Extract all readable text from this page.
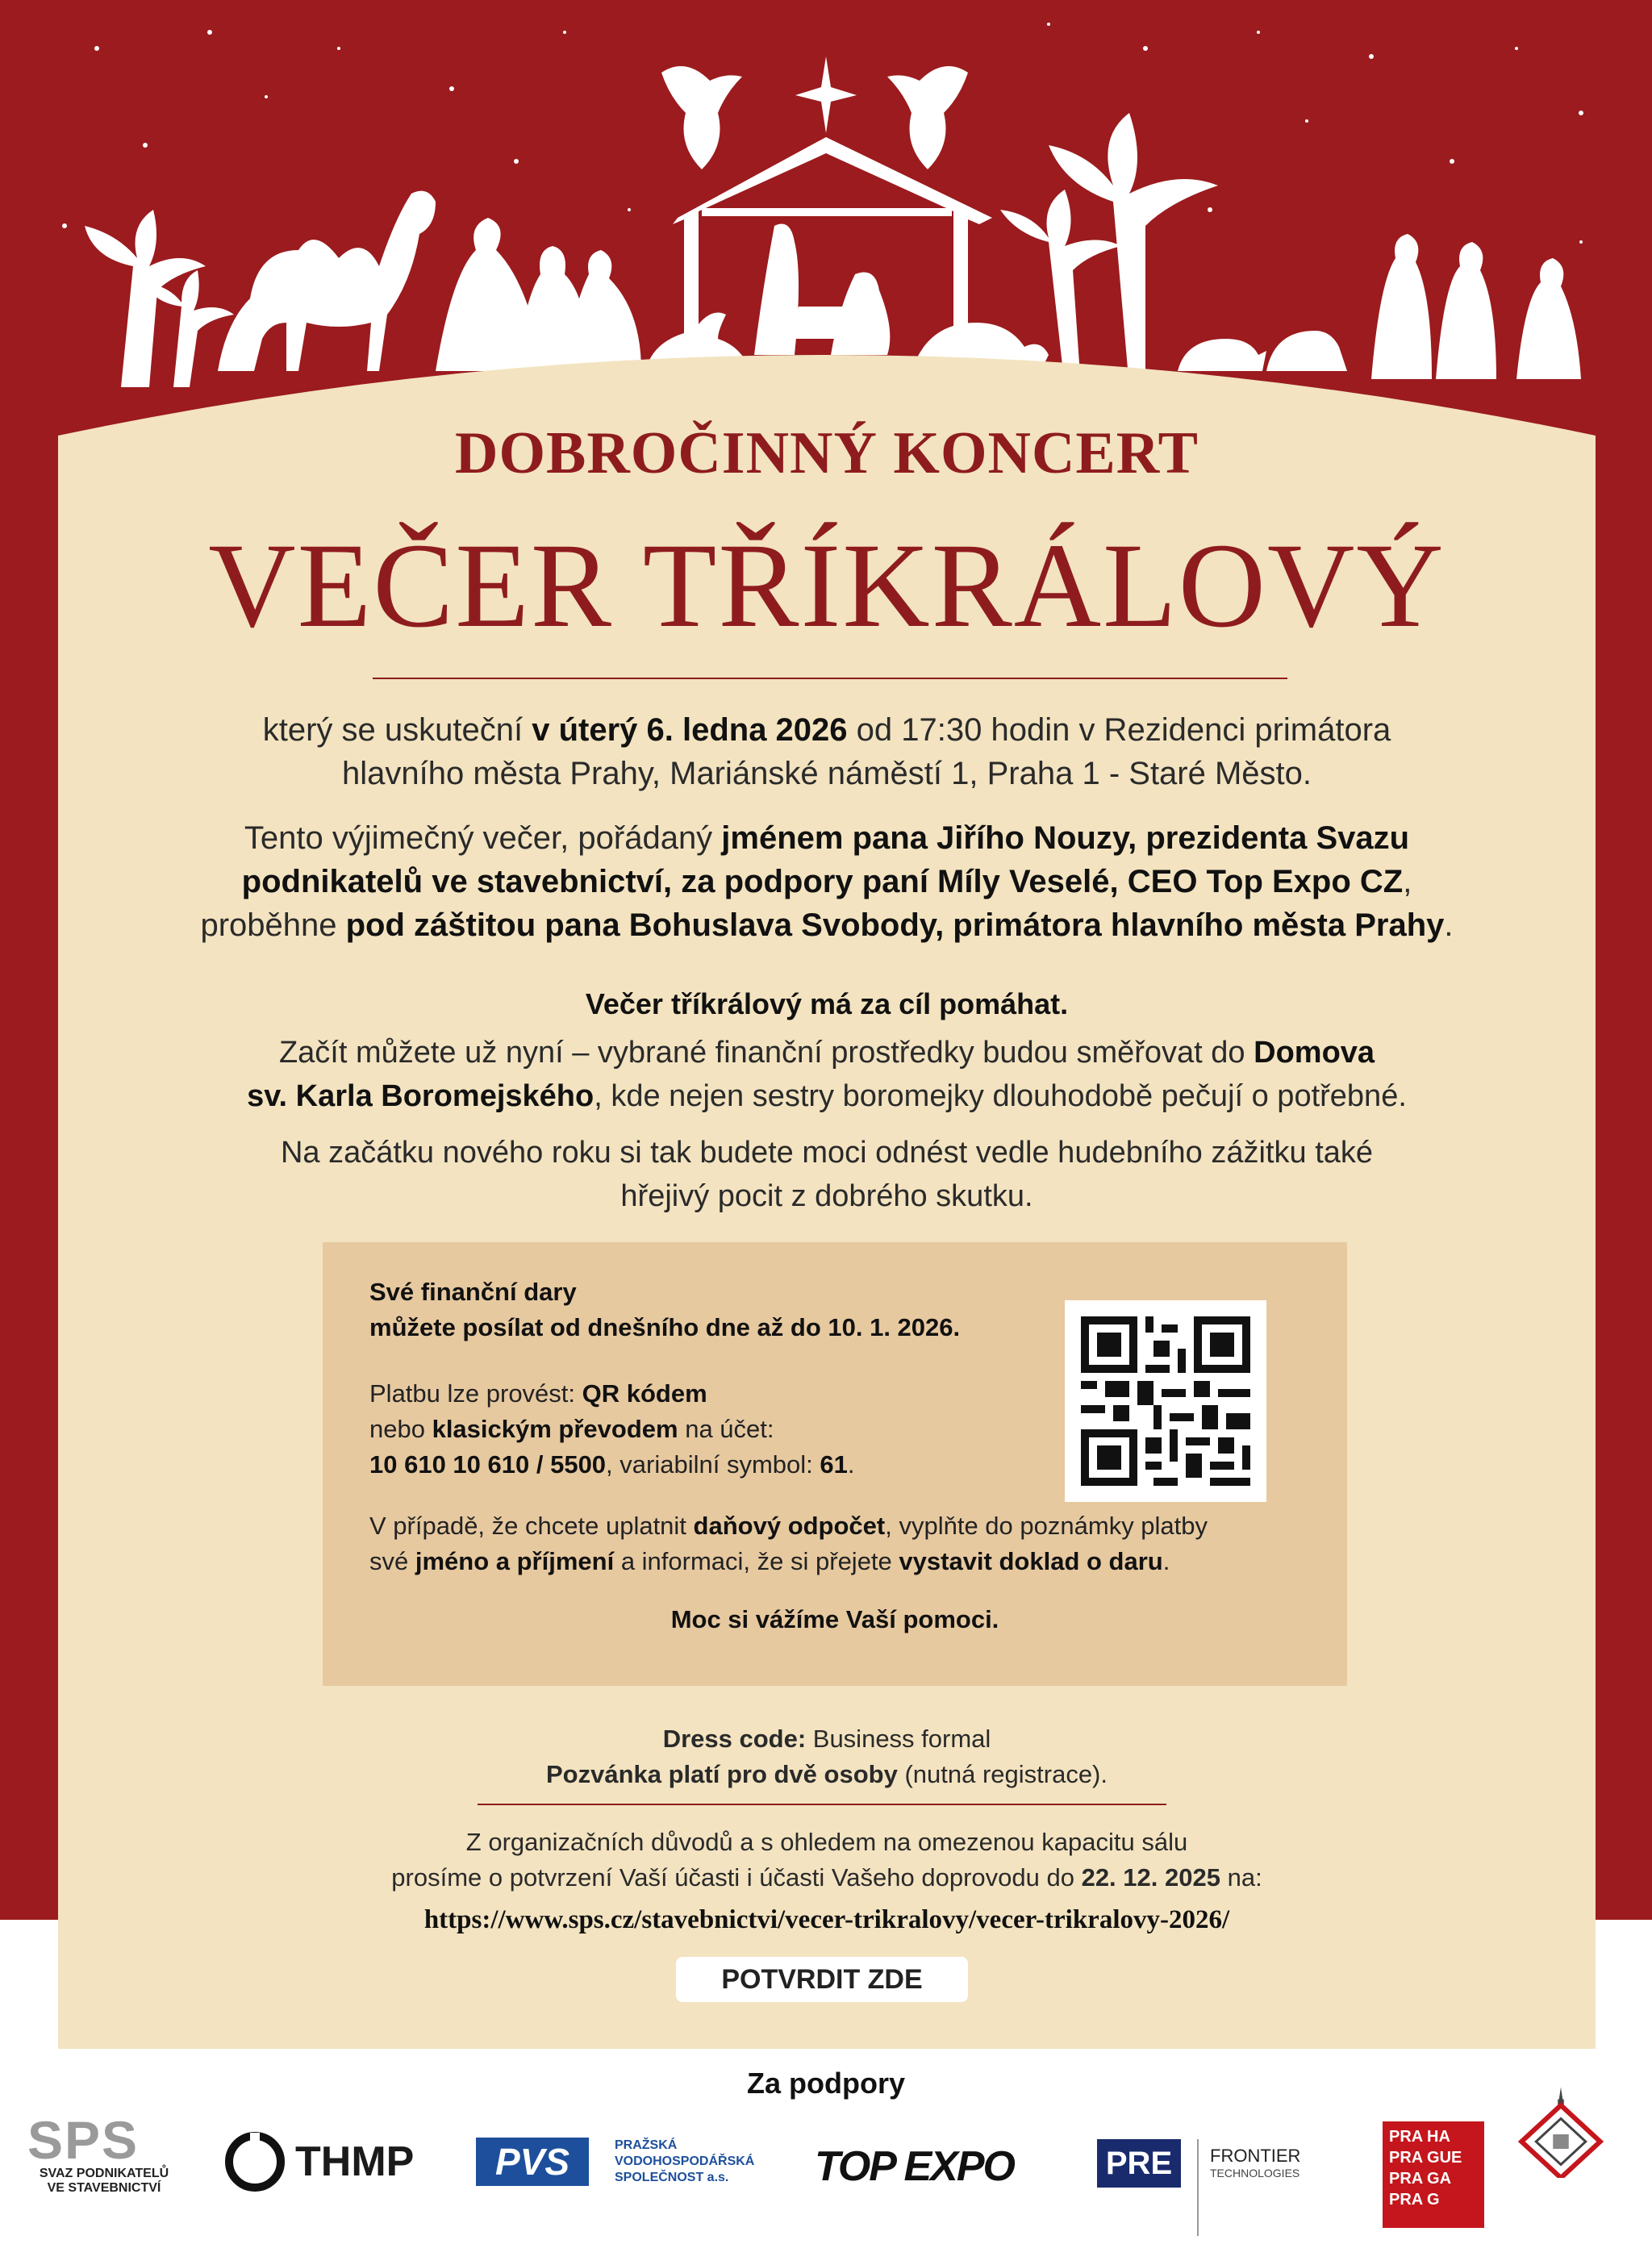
DOBROČINNÝ KONCERT
VEČER TŘÍKRÁLOVÝ
který se uskuteční v úterý 6. ledna 2026 od 17:30 hodin v Rezidenci primátora
hlavního města Prahy, Mariánské náměstí 1, Praha 1 - Staré Město.
Tento výjimečný večer, pořádaný jménem pana Jiřího Nouzy, prezidenta Svazu
podnikatelů ve stavebnictví, za podpory paní Míly Veselé, CEO Top Expo CZ,
proběhne pod záštitou pana Bohuslava Svobody, primátora hlavního města Prahy.
Večer tříkrálový má za cíl pomáhat.
Začít můžete už nyní – vybrané finanční prostředky budou směřovat do Domova
sv. Karla Boromejského, kde nejen sestry boromejky dlouhodobě pečují o potřebné.
Na začátku nového roku si tak budete moci odnést vedle hudebního zážitku také
hřejivý pocit z dobrého skutku.
Své finanční dary
můžete posílat od dnešního dne až do 10. 1. 2026.

Platbu lze provést: QR kódem
nebo klasickým převodem na účet:
10 610 10 610 / 5500, variabilní symbol: 61.

V případě, že chcete uplatnit daňový odpočet, vyplňte do poznámky platby
své jméno a příjmení a informaci, že si přejete vystavit doklad o daru.
Moc si vážíme Vaší pomoci.
Dress code: Business formal
Pozvánka platí pro dvě osoby (nutná registrace).
Z organizačních důvodů a s ohledem na omezenou kapacitu sálu
prosíme o potvrzení Vaší účasti i účasti Vašeho doprovodu do 22. 12. 2025 na:
https://www.sps.cz/stavebnictvi/vecer-trikralovy/vecer-trikralovy-2026/
POTVRDIT ZDE
Za podpory
SPS
SVAZ PODNIKATELŮ
VE STAVEBNICTVÍ
THMP	PVS	PRAŽSKÁ
VODOHOSPODÁŘSKÁ
SPOLEČNOST a.s.	TOP EXPO	PRE	FRONTIER
TECHNOLOGIES
PRA HA
PRA GUE
PRA GA
PRA G
